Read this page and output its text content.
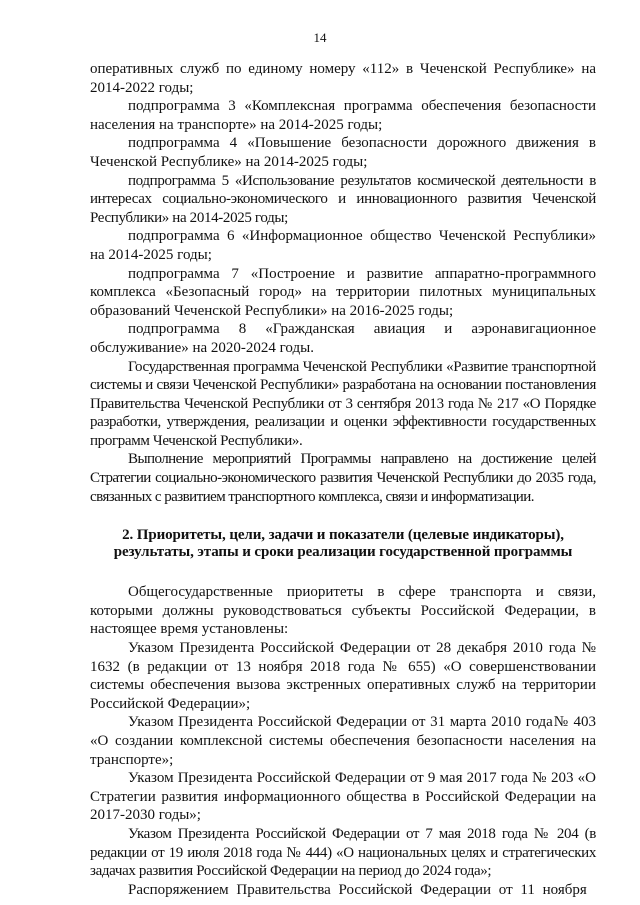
14

оперативных служб по единому номеру «112» в Чеченской Республике» на 2014-2022 годы;

подпрограмма 3 «Комплексная программа обеспечения безопасности населения на транспорте» на 2014-2025 годы;

подпрограмма 4 «Повышение безопасности дорожного движения в Чеченской Республике» на 2014-2025 годы;

подпрограмма 5 «Использование результатов космической деятельности в интересах социально-экономического и инновационного развития Чеченской Республики» на 2014-2025 годы;

подпрограмма 6 «Информационное общество Чеченской Республики» на 2014-2025 годы;

подпрограмма 7 «Построение и развитие аппаратно-программного комплекса «Безопасный город» на территории пилотных муниципальных образований Чеченской Республики» на 2016-2025 годы;

подпрограмма 8 «Гражданская авиация и аэронавигационное обслуживание» на 2020-2024 годы.

Государственная программа Чеченской Республики «Развитие транспортной системы и связи Чеченской Республики» разработана на основании постановления Правительства Чеченской Республики от 3 сентября 2013 года № 217 «О Порядке разработки, утверждения, реализации и оценки эффективности государственных программ Чеченской Республики».

Выполнение мероприятий Программы направлено на достижение целей Стратегии социально-экономического развития Чеченской Республики до 2035 года, связанных с развитием транспортного комплекса, связи и информатизации.

2. Приоритеты, цели, задачи и показатели (целевые индикаторы), результаты, этапы и сроки реализации государственной программы

Общегосударственные приоритеты в сфере транспорта и связи, которыми должны руководствоваться субъекты Российской Федерации, в настоящее время установлены:

Указом Президента Российской Федерации от 28 декабря 2010 года № 1632 (в редакции от 13 ноября 2018 года № 655) «О совершенствовании системы обеспечения вызова экстренных оперативных служб на территории Российской Федерации»;

Указом Президента Российской Федерации от 31 марта 2010 года№ 403 «О создании комплексной системы обеспечения безопасности населения на транспорте»;

Указом Президента Российской Федерации от 9 мая 2017 года № 203 «О Стратегии развития информационного общества в Российской Федерации на 2017-2030 годы»;

Указом Президента Российской Федерации от 7 мая 2018 года № 204 (в редакции от 19 июля 2018 года № 444) «О национальных целях и стратегических задачах развития Российской Федерации на период до 2024 года»;

Распоряжением Правительства Российской Федерации от 11 ноября
